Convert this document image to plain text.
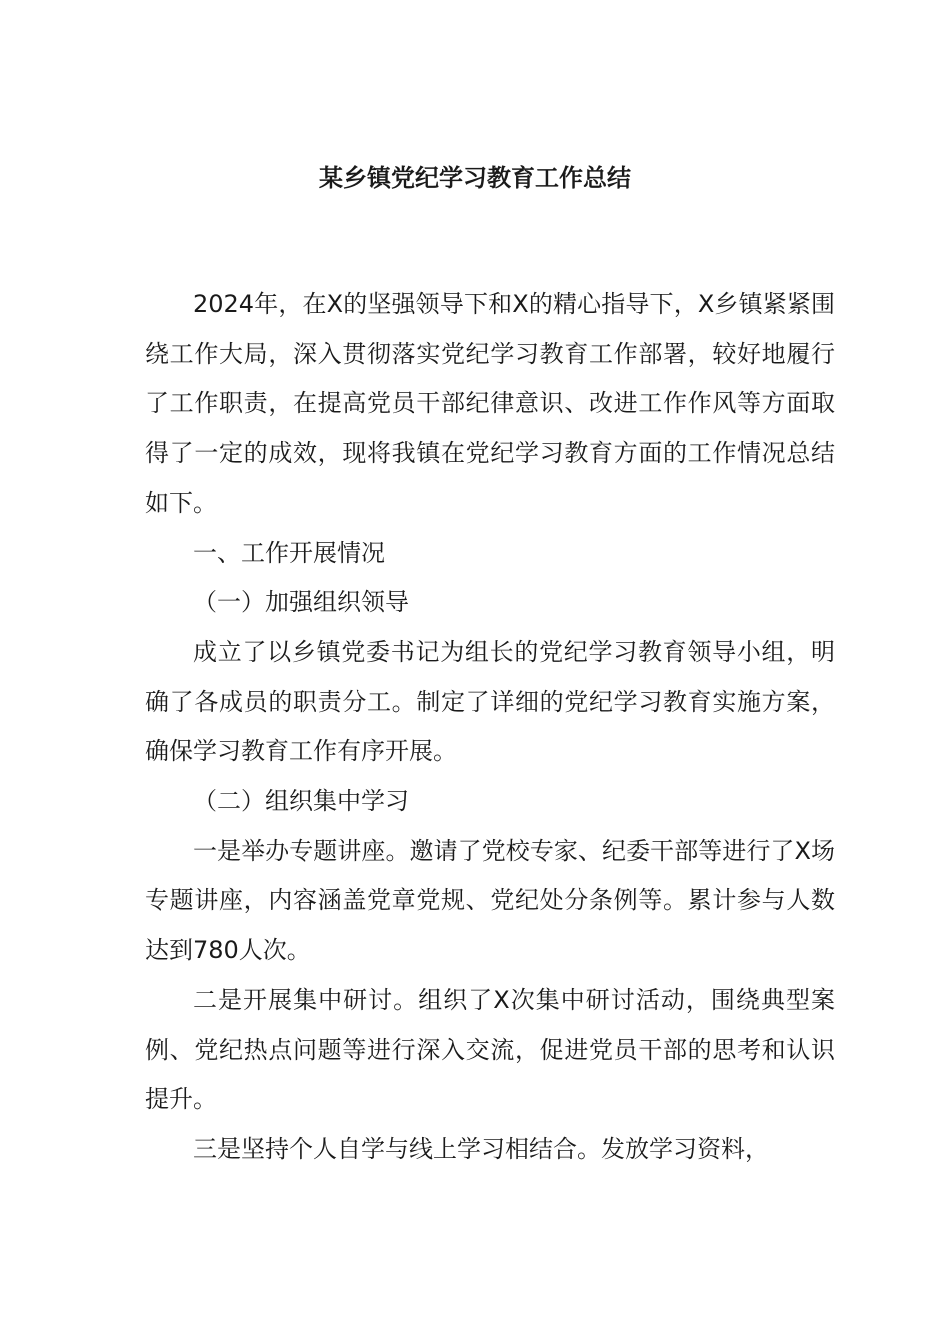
某乡镇党纪学习教育工作总结

2024年，在X的坚强领导下和X的精心指导下，X乡镇紧紧围绕工作大局，深入贯彻落实党纪学习教育工作部署，较好地履行了工作职责，在提高党员干部纪律意识、改进工作作风等方面取得了一定的成效，现将我镇在党纪学习教育方面的工作情况总结如下。

一、工作开展情况

（一）加强组织领导

成立了以乡镇党委书记为组长的党纪学习教育领导小组，明确了各成员的职责分工。制定了详细的党纪学习教育实施方案，确保学习教育工作有序开展。

（二）组织集中学习

一是举办专题讲座。邀请了党校专家、纪委干部等进行了X场专题讲座，内容涵盖党章党规、党纪处分条例等。累计参与人数达到780人次。

二是开展集中研讨。组织了X次集中研讨活动，围绕典型案例、党纪热点问题等进行深入交流，促进党员干部的思考和认识提升。

三是坚持个人自学与线上学习相结合。发放学习资料，
